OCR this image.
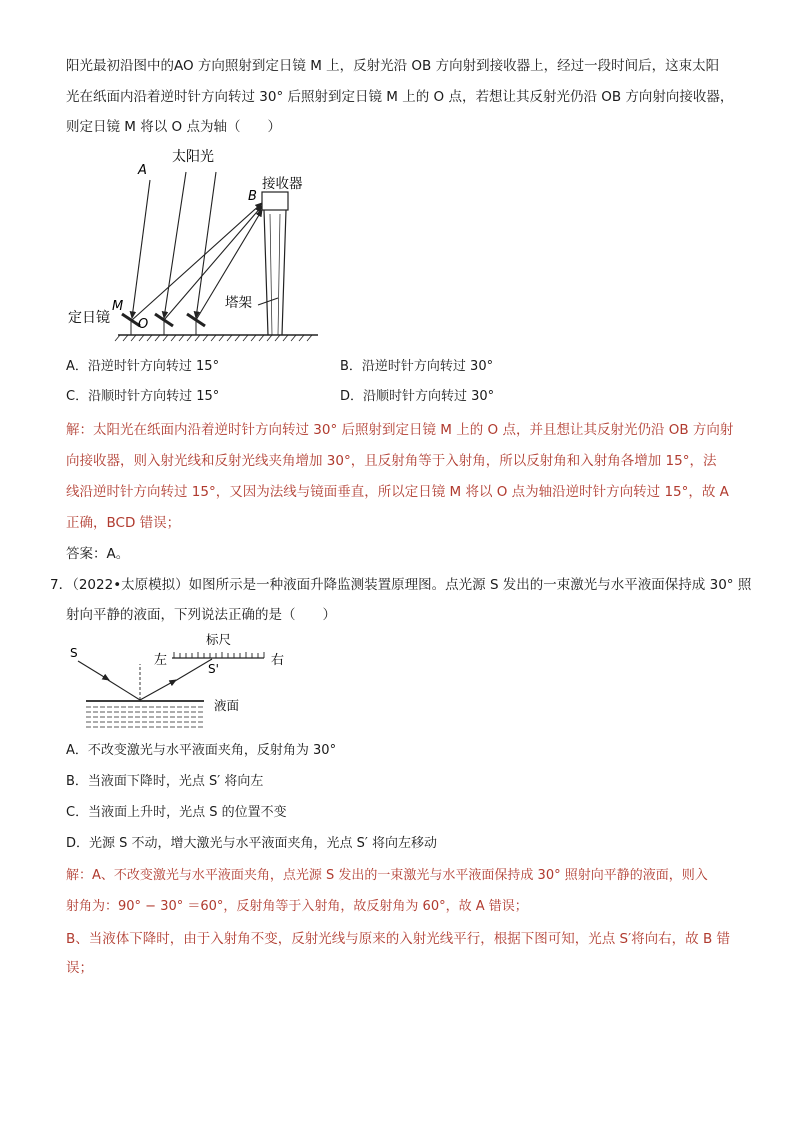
阳光最初沿图中的AO 方向照射到定日镜 M 上，反射光沿 OB 方向射到接收器上，经过一段时间后，这束太阳
光在纸面内沿着逆时针方向转过 30° 后照射到定日镜 M 上的 O 点，若想让其反射光仍沿 OB 方向射向接收器，
则定日镜 M 将以 O 点为轴（　　）
A
太阳光
接收器
B
M
定日镜 O
塔架
A．沿逆时针方向转过 15°	B．沿逆时针方向转过 30°
C．沿顺时针方向转过 15°	D．沿顺时针方向转过 30°
解：太阳光在纸面内沿着逆时针方向转过 30° 后照射到定日镜 M 上的 O 点，并且想让其反射光仍沿 OB 方向射
向接收器，则入射光线和反射光线夹角增加 30°，且反射角等于入射角，所以反射角和入射角各增加 15°，法
线沿逆时针方向转过 15°，又因为法线与镜面垂直，所以定日镜 M 将以 O 点为轴沿逆时针方向转过 15°，故 A
正确，BCD 错误；
答案：A。
7．（2022•太原模拟）如图所示是一种液面升降监测装置原理图。点光源 S 发出的一束激光与水平液面保持成 30° 照
射向平静的液面，下列说法正确的是（　　）
S	左
标尺
S'
右
液面
A．不改变激光与水平液面夹角，反射角为 30°
B．当液面下降时，光点 S′ 将向左
C．当液面上升时，光点 S 的位置不变
D．光源 S 不动，增大激光与水平液面夹角，光点 S′ 将向左移动
解：A、不改变激光与水平液面夹角，点光源 S 发出的一束激光与水平液面保持成 30° 照射向平静的液面，则入
射角为：90° − 30° ＝60°，反射角等于入射角，故反射角为 60°，故 A 错误；
B、当液体下降时，由于入射角不变，反射光线与原来的入射光线平行，根据下图可知，光点 S′将向右，故 B 错
误；
